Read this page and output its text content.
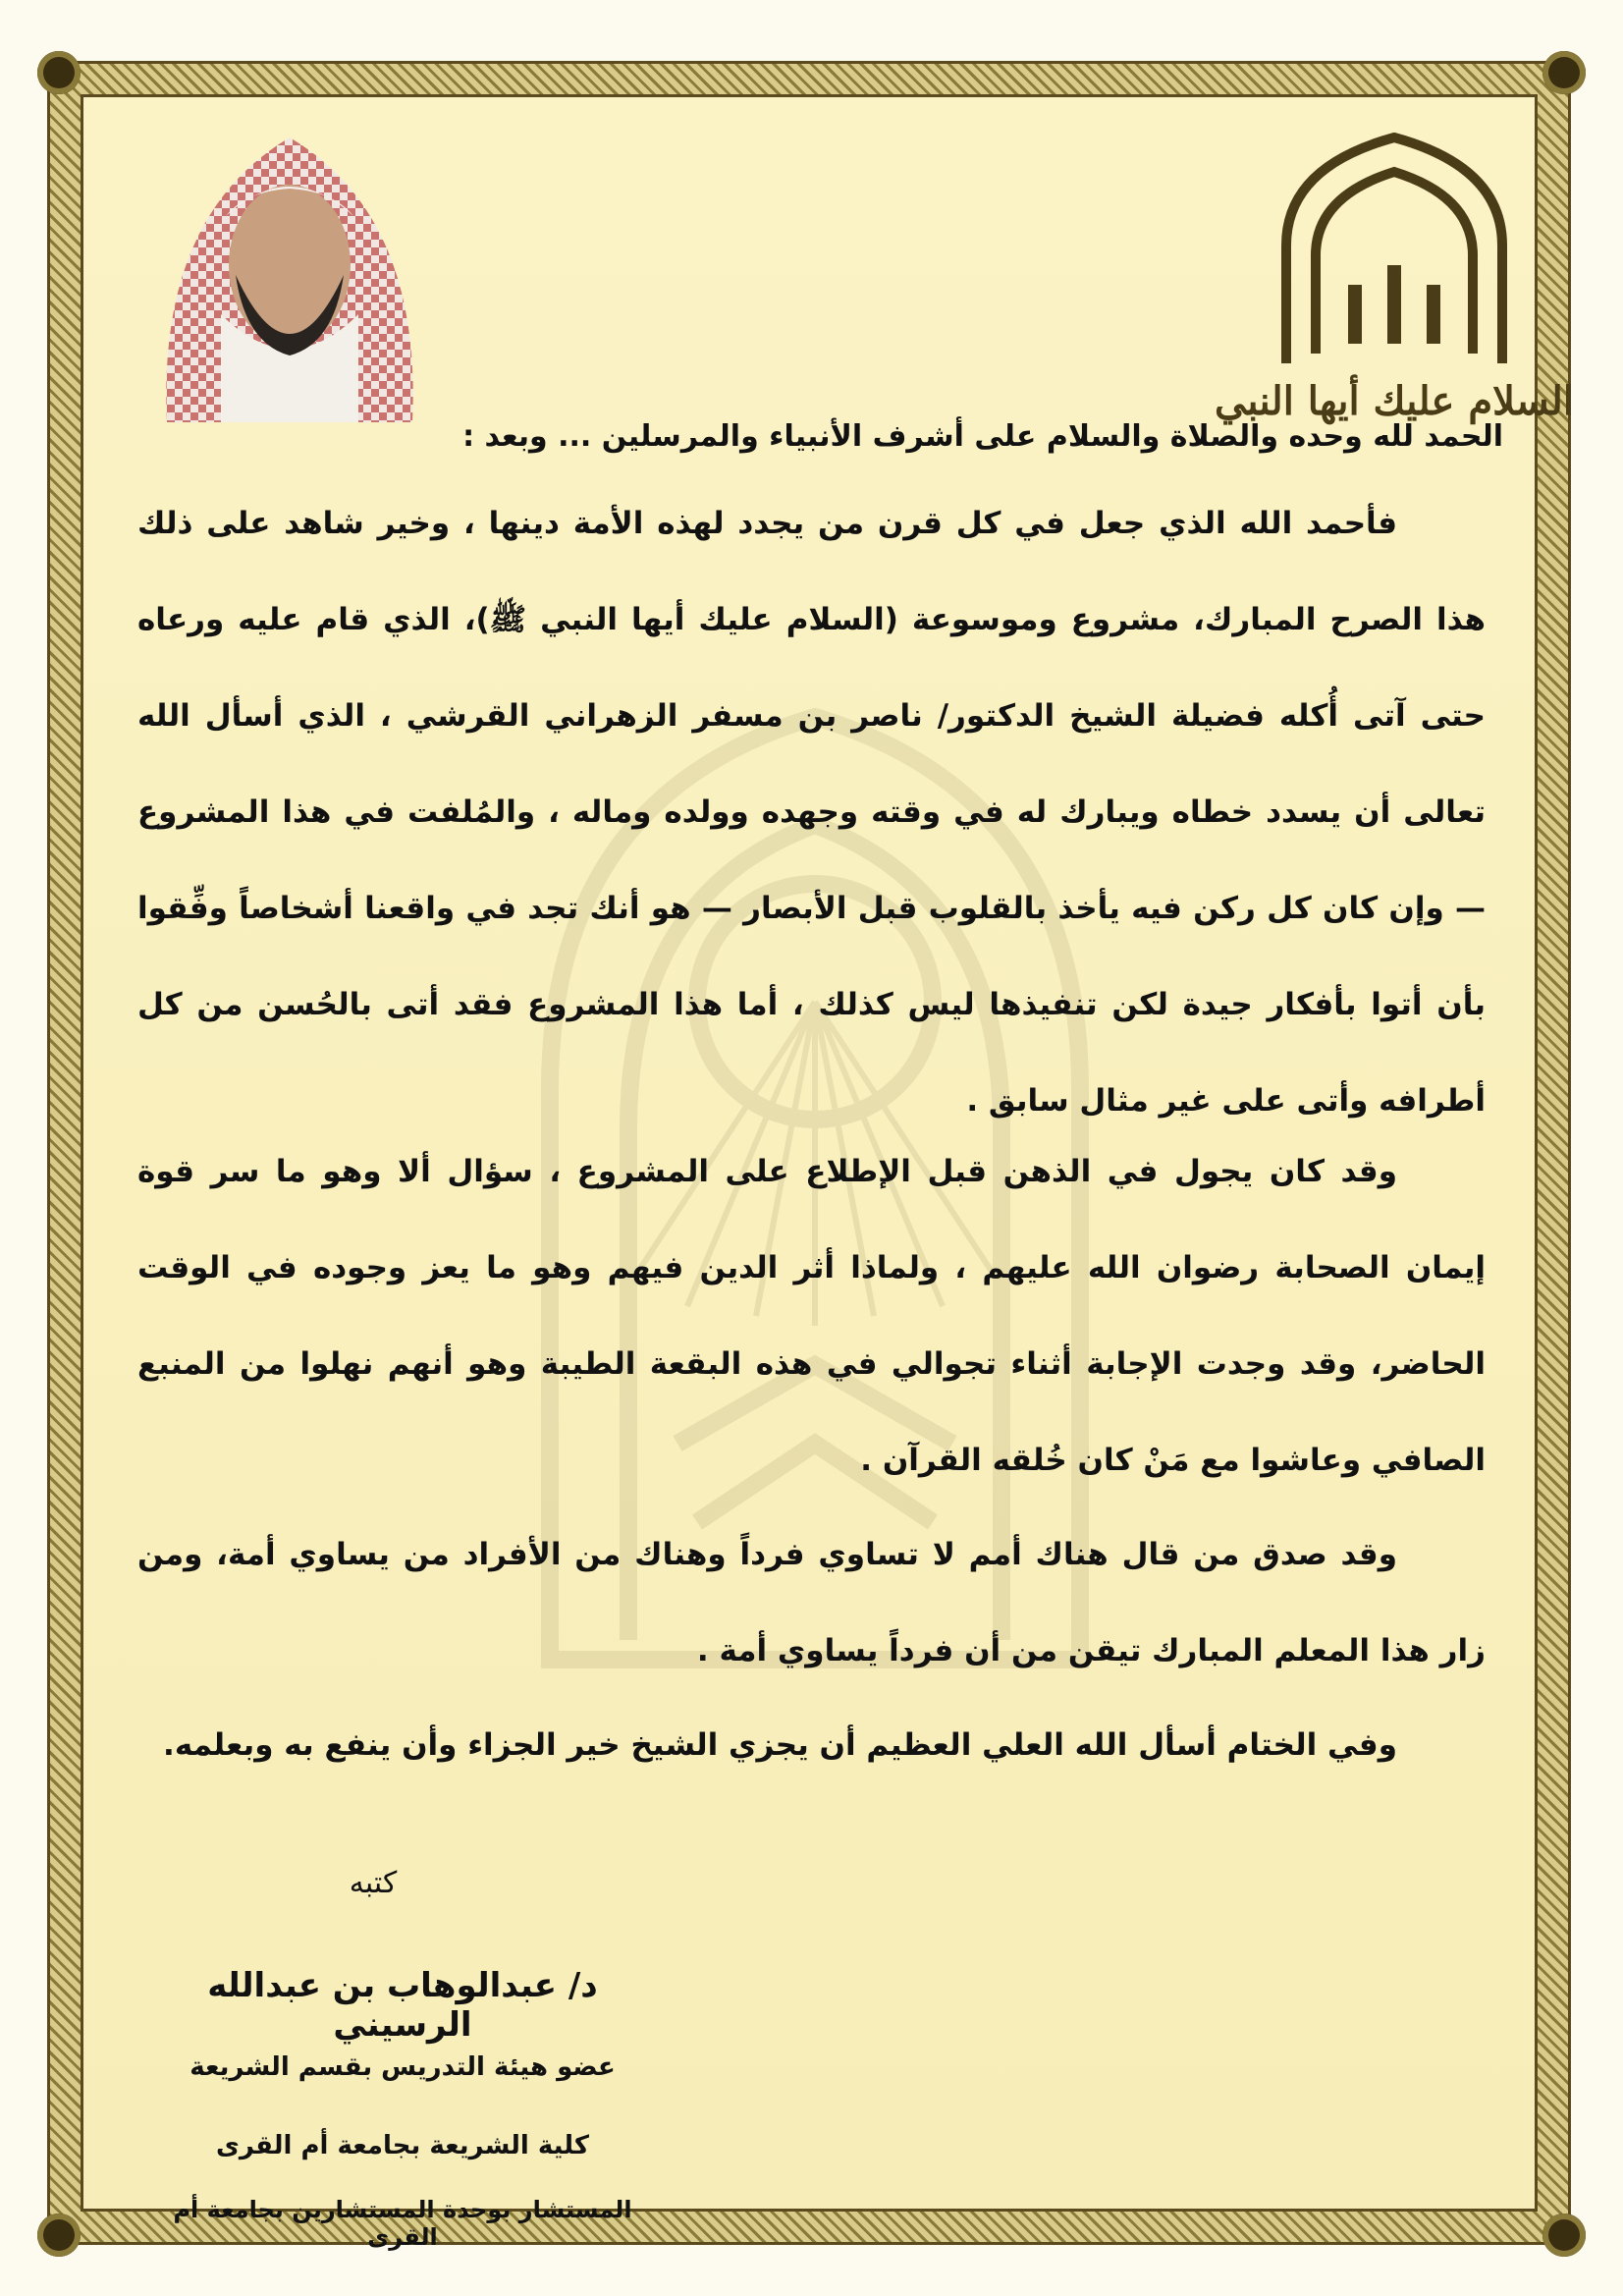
السلام عليك أيها النبي
الحمد لله وحده والصلاة والسلام على أشرف الأنبياء والمرسلين ... وبعد :
فأحمد الله الذي جعل في كل قرن من يجدد لهذه الأمة دينها ، وخير شاهد على ذلك هذا الصرح المبارك، مشروع وموسوعة (السلام عليك أيها النبي ﷺ)، الذي قام عليه ورعاه حتى آتى أُكله فضيلة الشيخ الدكتور/ ناصر بن مسفر الزهراني القرشي ، الذي أسأل الله تعالى أن يسدد خطاه ويبارك له في وقته وجهده وولده وماله ، والمُلفت في هذا المشروع — وإن كان كل ركن فيه يأخذ بالقلوب قبل الأبصار — هو أنك تجد في واقعنا أشخاصاً وفِّقوا بأن أتوا بأفكار جيدة لكن تنفيذها ليس كذلك ، أما هذا المشروع فقد أتى بالحُسن من كل أطرافه وأتى على غير مثال سابق .
وقد كان يجول في الذهن قبل الإطلاع على المشروع ، سؤال ألا وهو ما سر قوة إيمان الصحابة رضوان الله عليهم ، ولماذا أثر الدين فيهم وهو ما يعز وجوده في الوقت الحاضر، وقد وجدت الإجابة أثناء تجوالي في هذه البقعة الطيبة وهو أنهم نهلوا من المنبع الصافي وعاشوا مع مَنْ كان خُلقه القرآن .
وقد صدق من قال هناك أمم لا تساوي فرداً وهناك من الأفراد من يساوي أمة، ومن زار هذا المعلم المبارك تيقن من أن فرداً يساوي أمة .
وفي الختام أسأل الله العلي العظيم أن يجزي الشيخ خير الجزاء وأن ينفع به وبعلمه.
كتبه
د/ عبدالوهاب بن عبدالله الرسيني
عضو هيئة التدريس بقسم الشريعة
كلية الشريعة بجامعة أم القرى
المستشار بوحدة المستشارين بجامعة أم القرى
